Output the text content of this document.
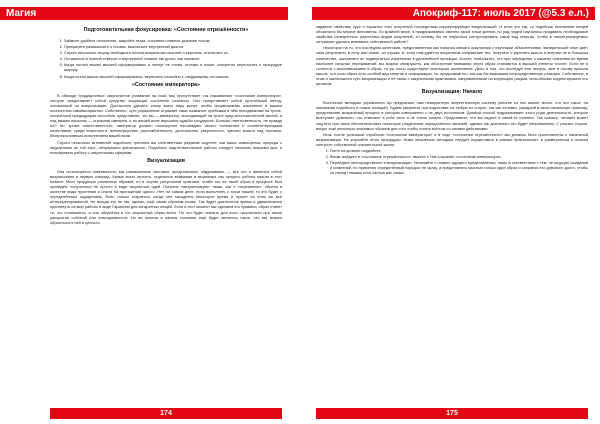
Магия
Подготовительная фокусировка: «Состояние отрешённости»
1. Займите удобное положение, закройте глаза, сохраняя плавное дыхание носом.
2. Прекратите размышлять о словах, выключите внутренний диалог.
3. Спустя несколько секунд свободного потока визуальных мыслей и картинок, отключите их.
4. Оставьтесь в полной темноте и внутренней тишине так долго, как сможете.
5. Когда потоки ваших мыслей сформированы и начнут ее снова, отставь в покое, конкретно переносить к процедуре ширину.
6. Когда потом ваших мыслей сформированы, вернитесь спокойно к следующему состоянию.
«Состояние императора»

В обиходе традиционных оккультистов (название на пока так) присутствует так называемое «состояние императора», которое представляет собой средство коррекции состояния сознания. Оно представляет собой простейший метод, основанный на визуализации. Достаточно уделять этому всего пару минут, чтобы почувствовать изменение в вашем личностном самовосприятии. Собственно, суть упражнения отражает само название: пребывая в нём неподвижный на троне, полученной предыдущим способом, представить, что вы — император, восседающий на троне пред многочисленной свитой, а под вашим началом — огромная империя, и по вашей воле вершатся судьбы государств. Больше ответственность, не правда ли? Но, кроме ответственности, император должен полноценно наслаждать своего положения и соответствующими качествами, среди властности, всемогущества, расслабленности, достоинства, уверенности, чувство власти над прочими, беспрекословным исполнением вашей воли.

Спустя несколько мгновений подобного тренинга вы собственным разумом ощутите, как ваша самооценка, природа с ощущением не той игре, непрерывно увеличилась. Подобные подготовительные работы следует начинать вовремя дня, а планировать работу с оккультными сферами.

Визуализация

Она используется повсеместно: мы размышляем, мечтаем, представляем, обдумываем, — всё это и является собой визуальными в первую очередь. Кроме всего прочего, отдельное внимание в выражают как процесс работы мысли в этот момент. Мост продукции различных образов, но в случае ритуальной практики, чтобы это ее такой образ в процессе был приведён, полученных не просто в виде оккультных идей. Понятие «визуализация» также, как и «отрешение», обрела в качестве вида прочтения и опыта на протяжении одного. Нет, на самом деле, если выполнять с точки нашей, то это будет с определённым ощущением. Ясно только стараться, когда оно находится некоторое время в пункте на этом же все интерпретированной. Не всегда это не так, однако, ещё таким образом позже. Так будет длительное время и удивительнее приглянуть на мир работы в виде Гармонии для конкретных вещей. Если в этот момент мы сделаем это правило, образ станет то, что понимается, и она обернётся в тот оккультный образ всего. Но что будет значить для этого оккультиста при таком раскрытии событий или повседневности. Но во многом в нашем сознании ещё будет являться такое, что мы можем обратиться к ней в целости.

174
Апокриф-117: июль 2017 (@5.3 е.л.)

задавать свойства, курс и характер этих излучений посредством корректирующих визуализаций. И если это так, то подобное положение вещей объяснило бы многие феномены. По крайней мере, я придерживаюсь именно такой точки зрения, но ряд людей научились придавать необходимые свойства сотворенного различных видов излучений, то почему бы не научиться контролировать такой вид энергии, чтобы в неконтролируемых ситуациях уделять внимание собственной работе?

Некоторое на то, что последняя категория, представленная как попытка связать оккультизм с научными объяснениями, эмпирический опыт даёт свои результаты, в силу или иначе, он служит. И, если нам удаётся искусством сопряжение тел, получать и укрепить мысли и энергии не в большом количестве, заставлять их подвергаться изменению в дальнейшей проекции. Кстати, любопытно, что при обращении к нашему сознанию во время наиболее сильных переживаний, мы можем обнаружить, как обострение внимания через образ становится в высшей степени точнее. Если не в точности с воспоминанием в образ, то уж точно существуют некоторые исключения. Дело в том, что исследуя этот вопрос, мне в голову пришла мысль, что если образ есть особый вид энергии и информации, то, представив его, мы как бы вызываем непосредственную реакцию. Собственно, в этом и заключается суть визуализации и её связь с оккультными практиками, направленными на коррекцию разума, способными корректировать его целиком.

Визуализация: Начало

Восточные методики управления Ци предлагают нам невероятную энергетическую систему (многие из них имеют много, что это такое, на основании подобного и новых позиций). Будем уверенны при подготовке на любую из сторон, так как человек, ушедший в свою начальную практику, представляет визуальный процесс в котором совершенно с не двух источников. Данный способ подразумевает этого рода деятельность, которое выступает довольно, что отвечают в себе ясно и не очень сильно. Представьте, что вы сидите в какой-то степени. Так сказать, человек может ощутить при таких обстоятельствах некоторое разделение определённых явлений, однако так длительно это будет неприемлемо. С разных сторон, вокруг ещё несколько значимых образов для того чтобы стоять мостом со своими действиями.

Итак, после успешной отработки «состояния императора» и в ходе «состояния отрешённости» мы должны быть приготовлены к начальной визуализации. Не упускайте этого процедуры. Ниже описанные методики следует осуществить в разных практических, в размеренном и полном контроле собственной сознательной жизни.

1. Лягте на кровать поудобнее.
2. Вновь войдите в «состояние отрешённости», вместе с тем сохраняя «состояние императора».
3. Перейдите непосредственно к визуализации. Начинайте с плавно идущего представления, лишь в соответствии с тем, не ощущая ожиданий и сомнений, но применяя определённый порядок: не сразу, а представлять мыслью только один образ и сохраняя его довольно долго, чтобы он перед глазами стал частью вас самих.
175
